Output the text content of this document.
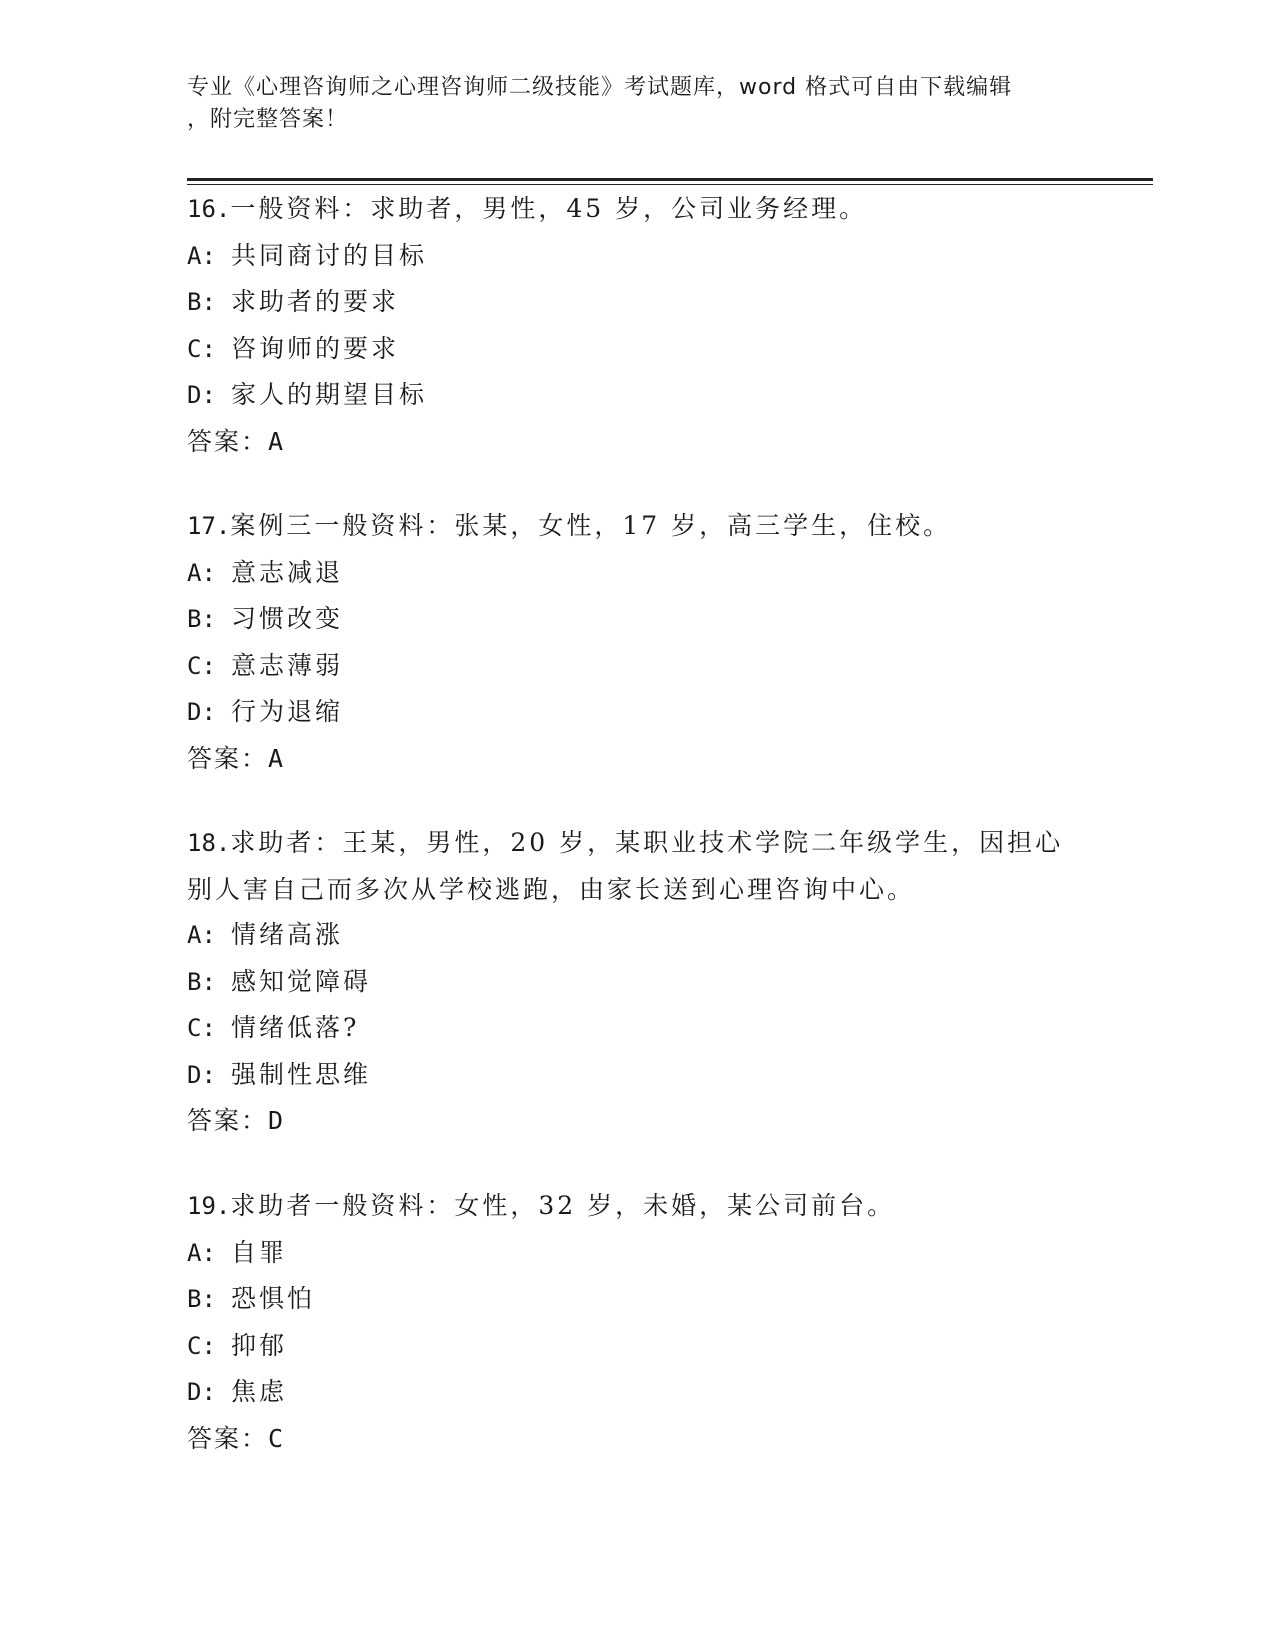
专业《心理咨询师之心理咨询师二级技能》考试题库，word 格式可自由下载编辑
，附完整答案！
16.一般资料：求助者，男性，45 岁，公司业务经理。
A: 共同商讨的目标
B: 求助者的要求
C: 咨询师的要求
D: 家人的期望目标
答案：A
17.案例三一般资料：张某，女性，17 岁，高三学生，住校。
A: 意志减退
B: 习惯改变
C: 意志薄弱
D: 行为退缩
答案：A
18.求助者：王某，男性，20 岁，某职业技术学院二年级学生，因担心
别人害自己而多次从学校逃跑，由家长送到心理咨询中心。
A: 情绪高涨
B: 感知觉障碍
C: 情绪低落?
D: 强制性思维
答案：D
19.求助者一般资料：女性，32 岁，未婚，某公司前台。
A: 自罪
B: 恐惧怕
C: 抑郁
D: 焦虑
答案：C
